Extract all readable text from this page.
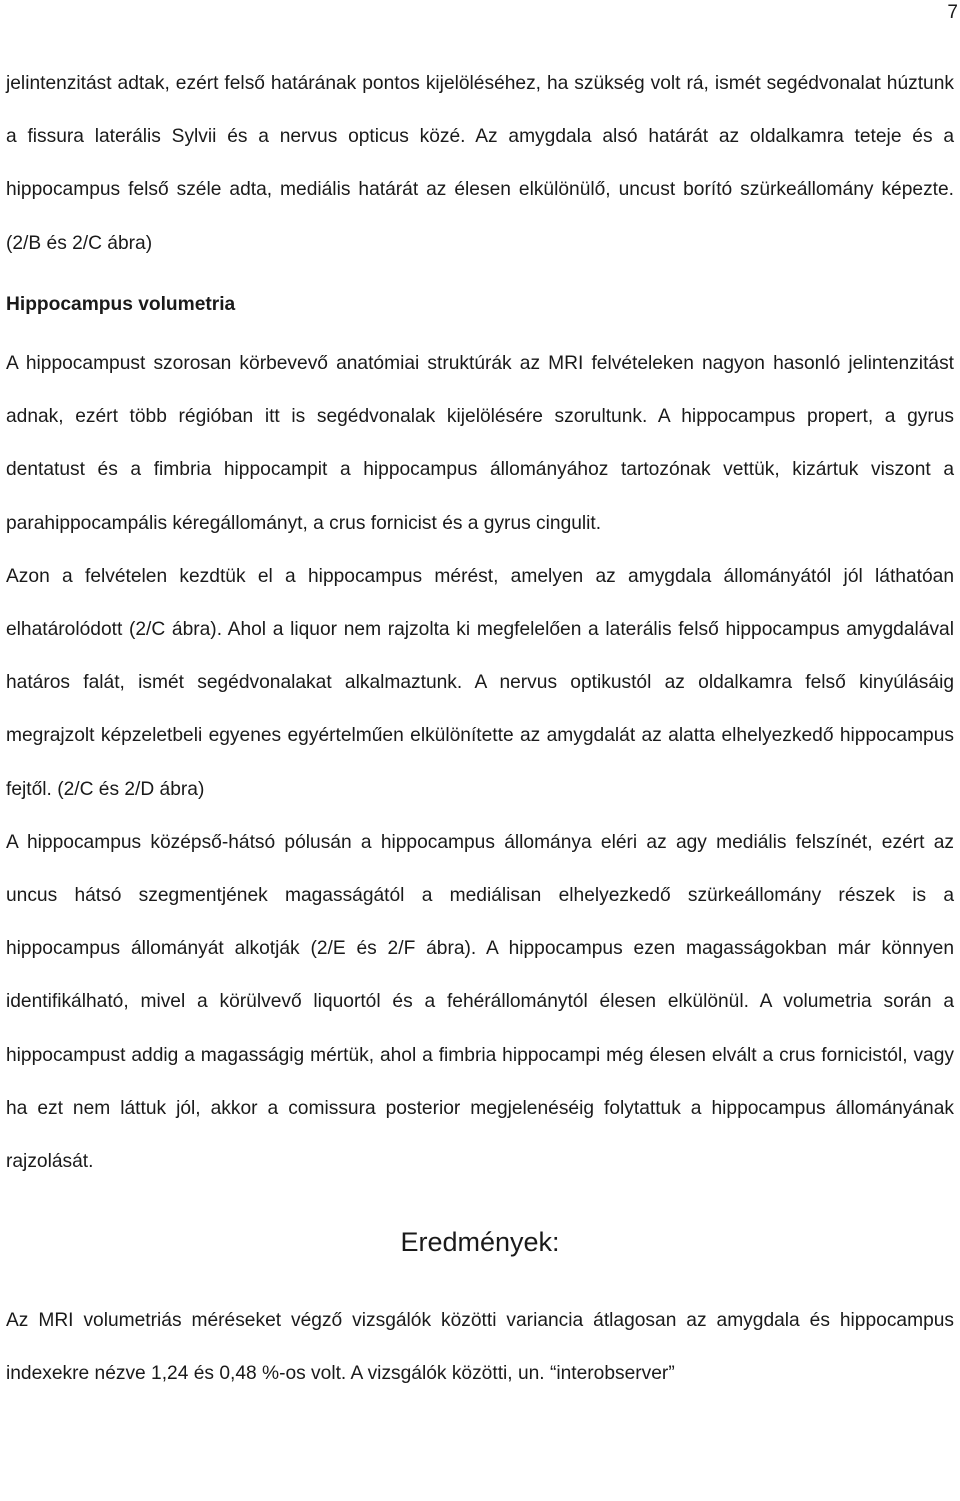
7

jelintenzitást adtak, ezért felső határának pontos kijelöléséhez, ha szükség volt rá, ismét segédvonalat húztunk a fissura laterális Sylvii és a nervus opticus közé. Az amygdala alsó határát az oldalkamra teteje és a hippocampus felső széle adta, mediális határát az élesen elkülönülő, uncust borító szürkeállomány képezte. (2/B és 2/C ábra)

Hippocampus volumetria

A hippocampust szorosan körbevevő anatómiai struktúrák az MRI felvételeken nagyon hasonló jelintenzitást adnak, ezért több régióban itt is segédvonalak kijelölésére szorultunk. A hippocampus propert, a gyrus dentatust és a fimbria hippocampit a hippocampus állományához tartozónak vettük, kizártuk viszont a parahippocampális kéregállományt, a crus fornicist és a gyrus cingulit.

Azon a felvételen kezdtük el a hippocampus mérést, amelyen az amygdala állományától jól láthatóan elhatárolódott (2/C ábra). Ahol a liquor nem rajzolta ki megfelelően a laterális felső hippocampus amygdalával határos falát, ismét segédvonalakat alkalmaztunk. A nervus optikustól az oldalkamra felső kinyúlásáig megrajzolt képzeletbeli egyenes egyértelműen elkülönítette az amygdalát az alatta elhelyezkedő hippocampus fejtől. (2/C és 2/D ábra)

A hippocampus középső-hátsó pólusán a hippocampus állománya eléri az agy mediális felszínét, ezért az uncus hátsó szegmentjének magasságától a mediálisan elhelyezkedő szürkeállomány részek is a hippocampus állományát alkotják (2/E és 2/F ábra). A hippocampus ezen magasságokban már könnyen identifikálható, mivel a körülvevő liquortól és a fehérállománytól élesen elkülönül. A volumetria során a hippocampust addig a magasságig mértük, ahol a fimbria hippocampi még élesen elvált a crus fornicistól, vagy ha ezt nem láttuk jól, akkor a comissura posterior megjelenéséig folytattuk a hippocampus állományának rajzolását.

Eredmények:

Az MRI volumetriás méréseket végző vizsgálók közötti variancia átlagosan az amygdala és hippocampus indexekre nézve 1,24 és 0,48 %-os volt. A vizsgálók közötti, un. “interobserver”
